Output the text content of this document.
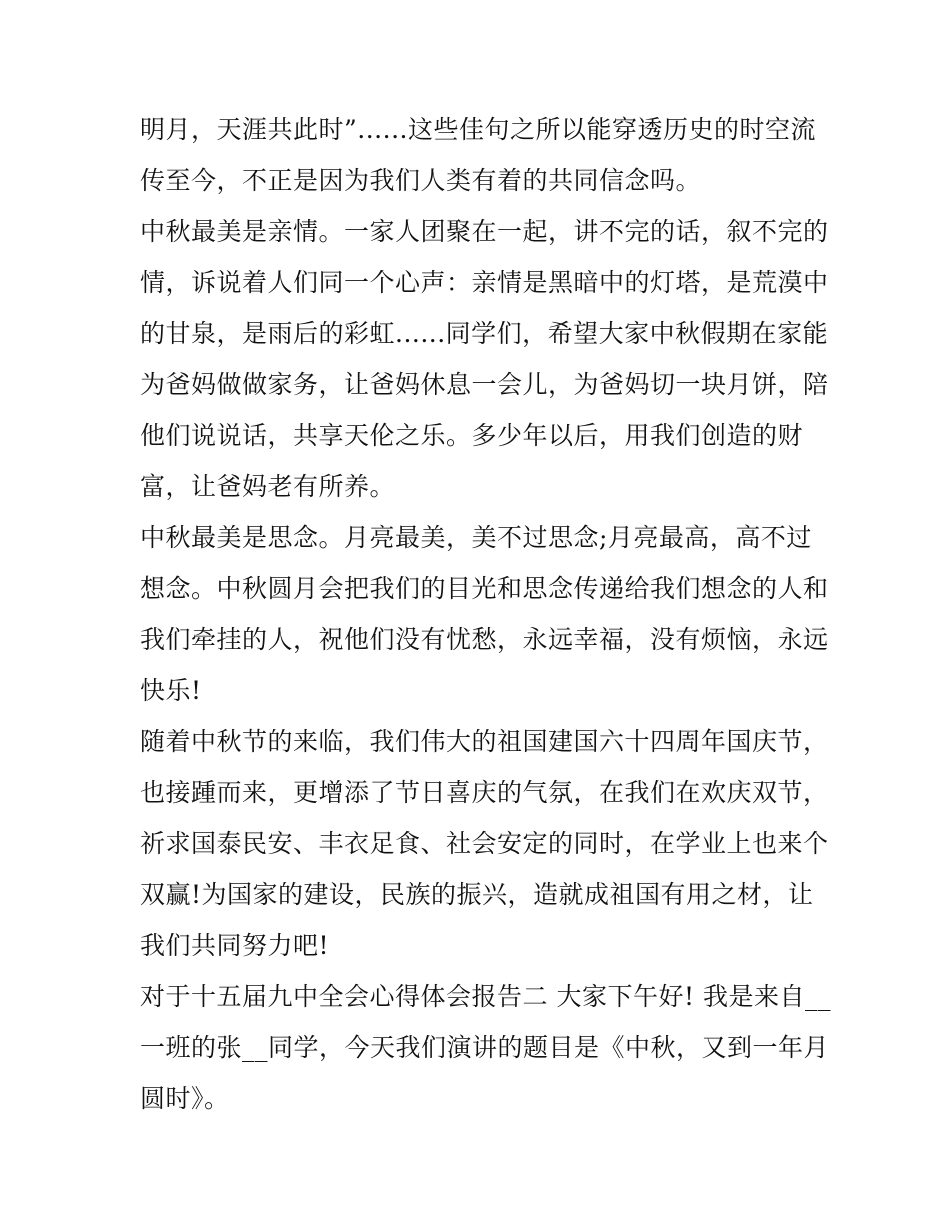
明月，天涯共此时”......这些佳句之所以能穿透历史的时空流
传至今，不正是因为我们人类有着的共同信念吗。
中秋最美是亲情。一家人团聚在一起，讲不完的话，叙不完的
情，诉说着人们同一个心声：亲情是黑暗中的灯塔，是荒漠中
的甘泉，是雨后的彩虹......同学们，希望大家中秋假期在家能
为爸妈做做家务，让爸妈休息一会儿，为爸妈切一块月饼，陪
他们说说话，共享天伦之乐。多少年以后，用我们创造的财
富，让爸妈老有所养。
中秋最美是思念。月亮最美，美不过思念;月亮最高，高不过
想念。中秋圆月会把我们的目光和思念传递给我们想念的人和
我们牵挂的人，祝他们没有忧愁，永远幸福，没有烦恼，永远
快乐!
随着中秋节的来临，我们伟大的祖国建国六十四周年国庆节，
也接踵而来，更增添了节日喜庆的气氛，在我们在欢庆双节，
祈求国泰民安、丰衣足食、社会安定的同时，在学业上也来个
双赢!为国家的建设，民族的振兴，造就成祖国有用之材，让
我们共同努力吧!
对于十五届九中全会心得体会报告二 大家下午好! 我是来自__
一班的张__同学，今天我们演讲的题目是《中秋，又到一年月
圆时》。
